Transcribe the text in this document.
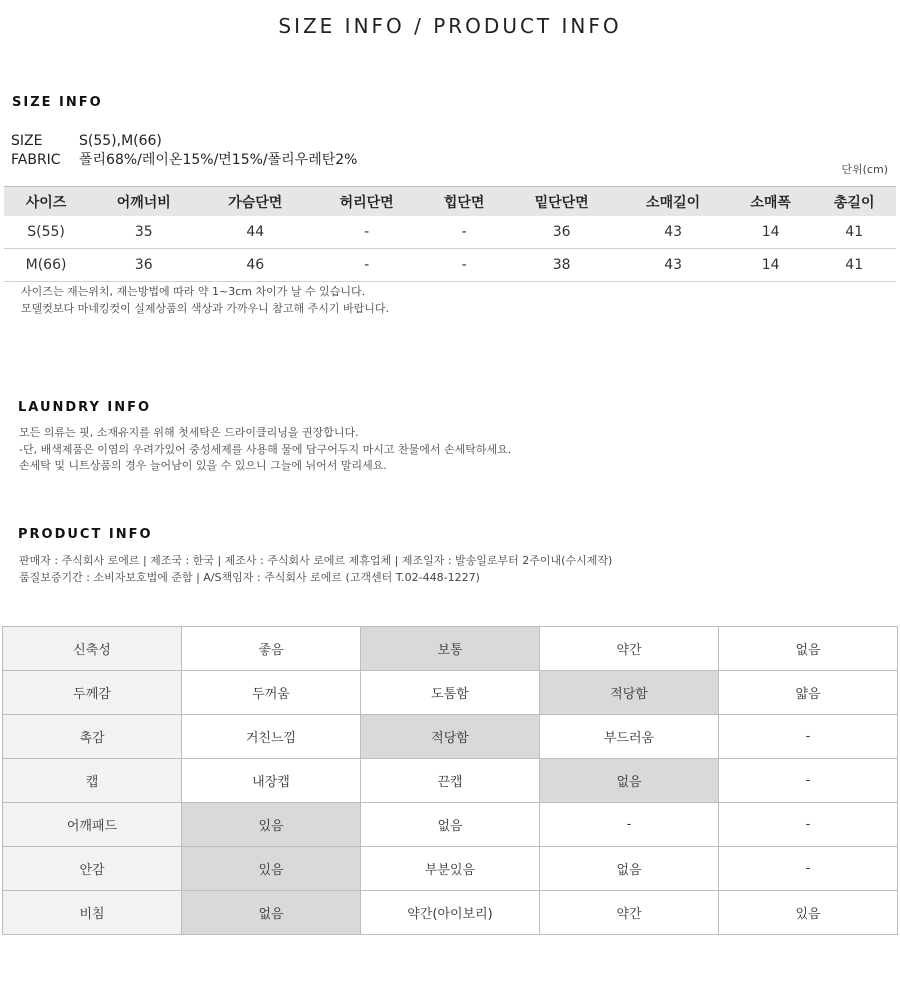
SIZE INFO / PRODUCT INFO
SIZE INFO
SIZE	S(55),M(66)
FABRIC 폴리68%/레이온15%/면15%/폴리우레탄2%
단위(cm)
사이즈	어깨너비	가슴단면	허리단면	힙단면	밑단단면	소매길이	소매폭	총길이
S(55)	35	44	-	-	36	43	14	41
M(66)	36	46	-	-	38	43	14	41
사이즈는 재는위치, 재는방법에 따라 약 1~3cm 차이가 날 수 있습니다.
모델컷보다 마네킹컷이 실제상품의 색상과 가까우니 참고해 주시기 바랍니다.
LAUNDRY INFO
모든 의류는 핏, 소재유지를 위해 첫세탁은 드라이클리닝을 권장합니다.
-단, 배색제품은 이염의 우려가있어 중성세제를 사용해 물에 담구어두지 마시고 찬물에서 손세탁하세요.
손세탁 및 니트상품의 경우 늘어남이 있을 수 있으니 그늘에 뉘어서 말리세요.
PRODUCT INFO
판매자 : 주식회사 로에르 | 제조국 : 한국 | 제조사 : 주식회사 로에르 제휴업체 | 제조일자 : 발송일로부터 2주이내(수시제작)
품질보증기간 : 소비자보호법에 준함 | A/S책임자 : 주식회사 로에르 (고객센터 T.02-448-1227)
신축성	좋음	보통	약간	없음
두께감	두꺼움	도톰함	적당함	얇음
촉감	거친느낌	적당함	부드러움	-
캡	내장캡	끈캡	없음	-
어깨패드	있음	없음	-	-
안감	있음	부분있음	없음	-
비침	없음	약간(아이보리)	약간	있음
